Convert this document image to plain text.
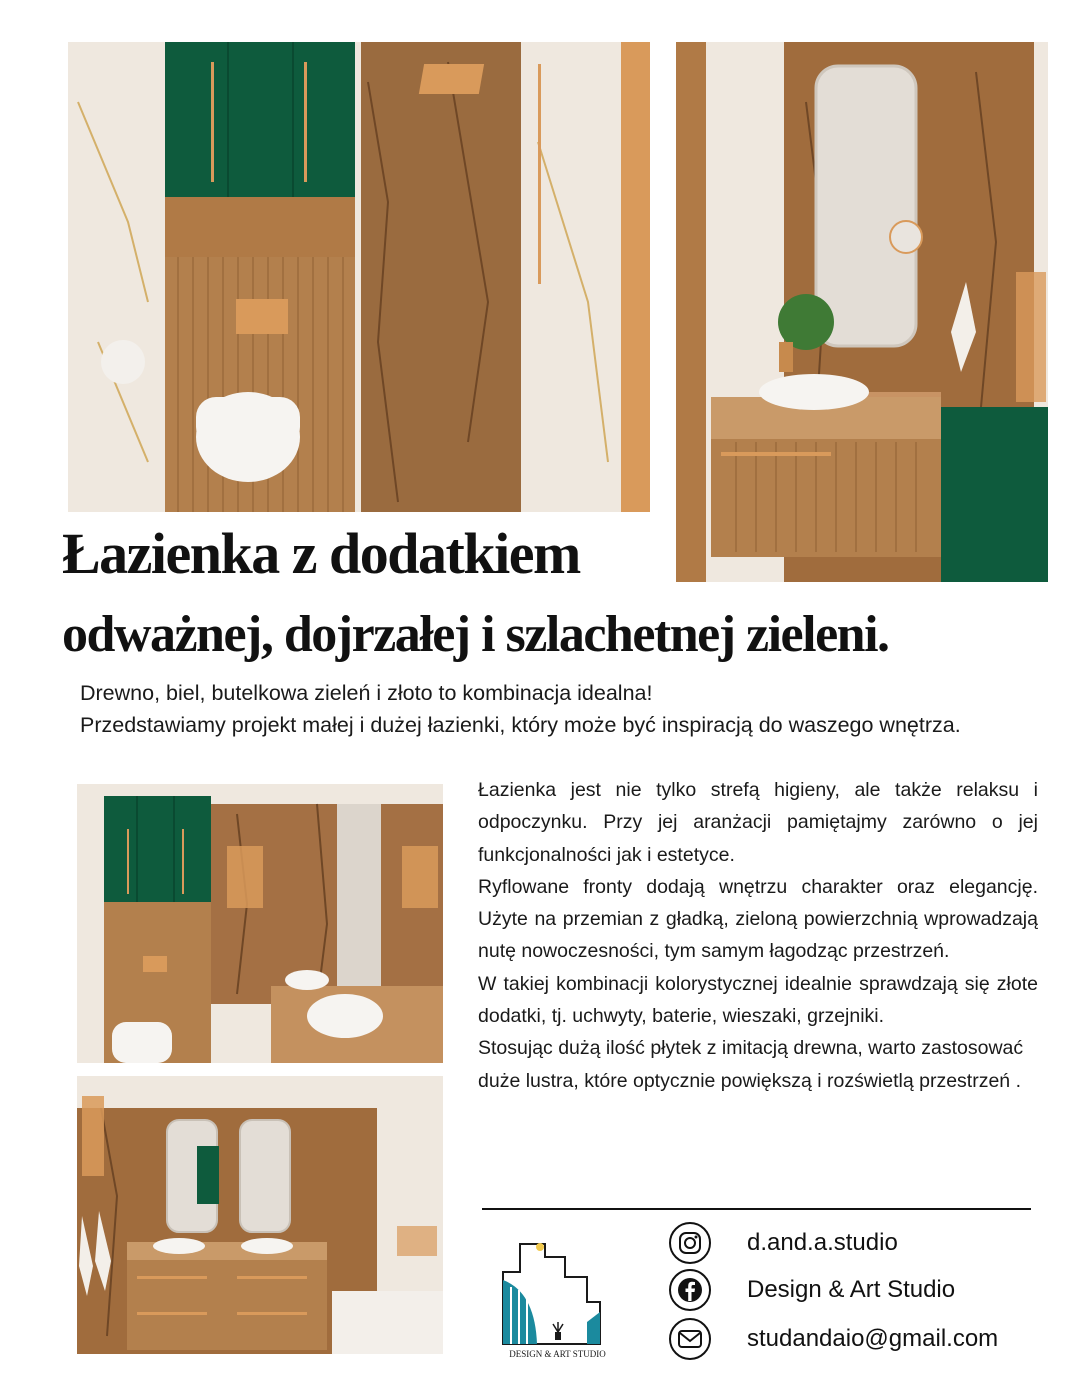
Łazienka z dodatkiem
odważnej, dojrzałej i szlachetnej zieleni.

Drewno, biel, butelkowa zieleń i złoto to kombinacja idealna!

Przedstawiamy projekt małej i dużej łazienki, który może być inspiracją do waszego wnętrza.

Łazienka jest nie tylko strefą higieny, ale także relaksu i odpoczynku. Przy jej aranżacji pamiętajmy zarówno o jej funkcjonalności jak i estetyce.

Ryflowane fronty dodają wnętrzu charakter oraz elegancję. Użyte na przemian z gładką, zieloną powierzchnią wprowadzają nutę nowoczesności, tym samym łagodząc przestrzeń.

W takiej kombinacji kolorystycznej idealnie sprawdzają się złote dodatki, tj. uchwyty, baterie, wieszaki, grzejniki.

Stosując dużą ilość płytek z imitacją drewna, warto zastosować duże lustra, które optycznie powiększą i rozświetlą przestrzeń .

DESIGN & ART STUDIO
d.and.a.studio
Design & Art Studio
studandaio@gmail.com
